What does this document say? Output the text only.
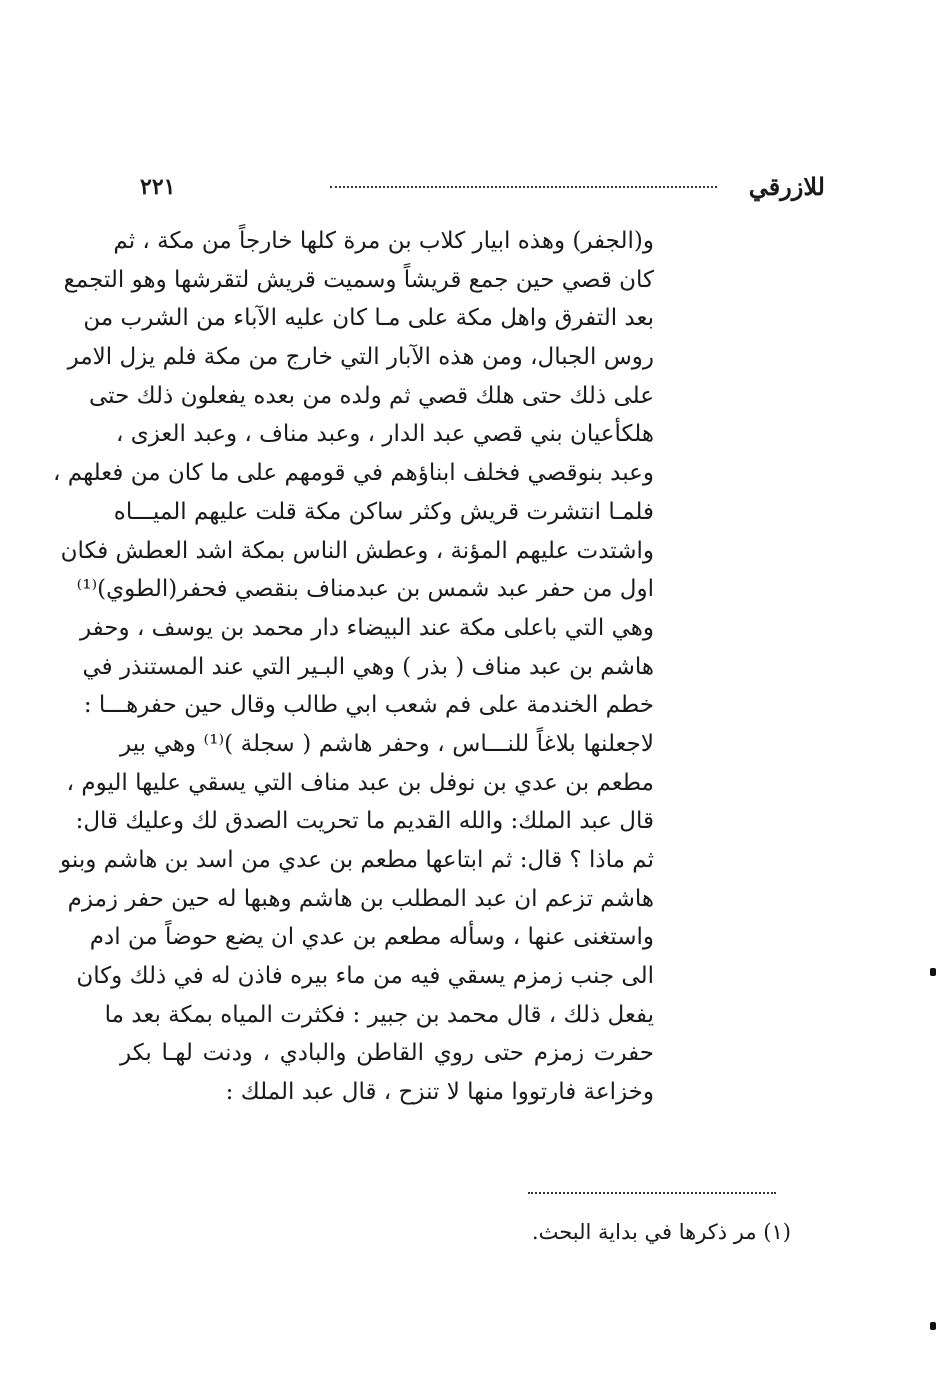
للازرقي
٢٢١
و(الجفر) وهذه ابيار كلاب بن مرة كلها خارجاً من مكة ، ثم
كان قصي حين جمع قريشاً وسميت قريش لتقرشها وهو التجمع
بعد التفرق واهل مكة على مـا كان عليه الآباء من الشرب من
روس الجبال، ومن هذه الآبار التي خارج من مكة فلم يزل الامر
على ذلك حتى هلك قصي ثم ولده من بعده يفعلون ذلك حتى
هلكأعيان بني قصي عبد الدار ، وعبد مناف ، وعبد العزى ،
وعبد بنوقصي فخلف ابناؤهم في قومهم على ما كان من فعلهم ،
فلمـا انتشرت قريش وكثر ساكن مكة قلت عليهم الميـــاه
واشتدت عليهم المؤنة ، وعطش الناس بمكة اشد العطش فكان
اول من حفر عبد شمس بن عبدمناف بنقصي فحفر(الطوي)⁽¹⁾
وهي التي باعلى مكة عند البيضاء دار محمد بن يوسف ، وحفر
هاشم بن عبد مناف ( بذر ) وهي البـير التي عند المستنذر في
خطم الخندمة على فم شعب ابي طالب وقال حين حفرهـــا :
لاجعلنها بلاغاً للنـــاس ، وحفر هاشم ( سجلة )⁽¹⁾ وهي بير
مطعم بن عدي بن نوفل بن عبد مناف التي يسقي عليها اليوم ،
قال عبد الملك: والله القديم ما تحريت الصدق لك وعليك قال:
ثم ماذا ؟ قال: ثم ابتاعها مطعم بن عدي من اسد بن هاشم وبنو
هاشم تزعم ان عبد المطلب بن هاشم وهبها له حين حفر زمزم
واستغنى عنها ، وسأله مطعم بن عدي ان يضع حوضاً من ادم
الى جنب زمزم يسقي فيه من ماء بيره فاذن له في ذلك وكان
يفعل ذلك ، قال محمد بن جبير : فكثرت المياه بمكة بعد ما
حفرت زمزم حتى روي القاطن والبادي ، ودنت لهـا بكر
وخزاعة فارتووا منها لا تنزح ، قال عبد الملك :
(١) مر ذكرها في بداية البحث.
